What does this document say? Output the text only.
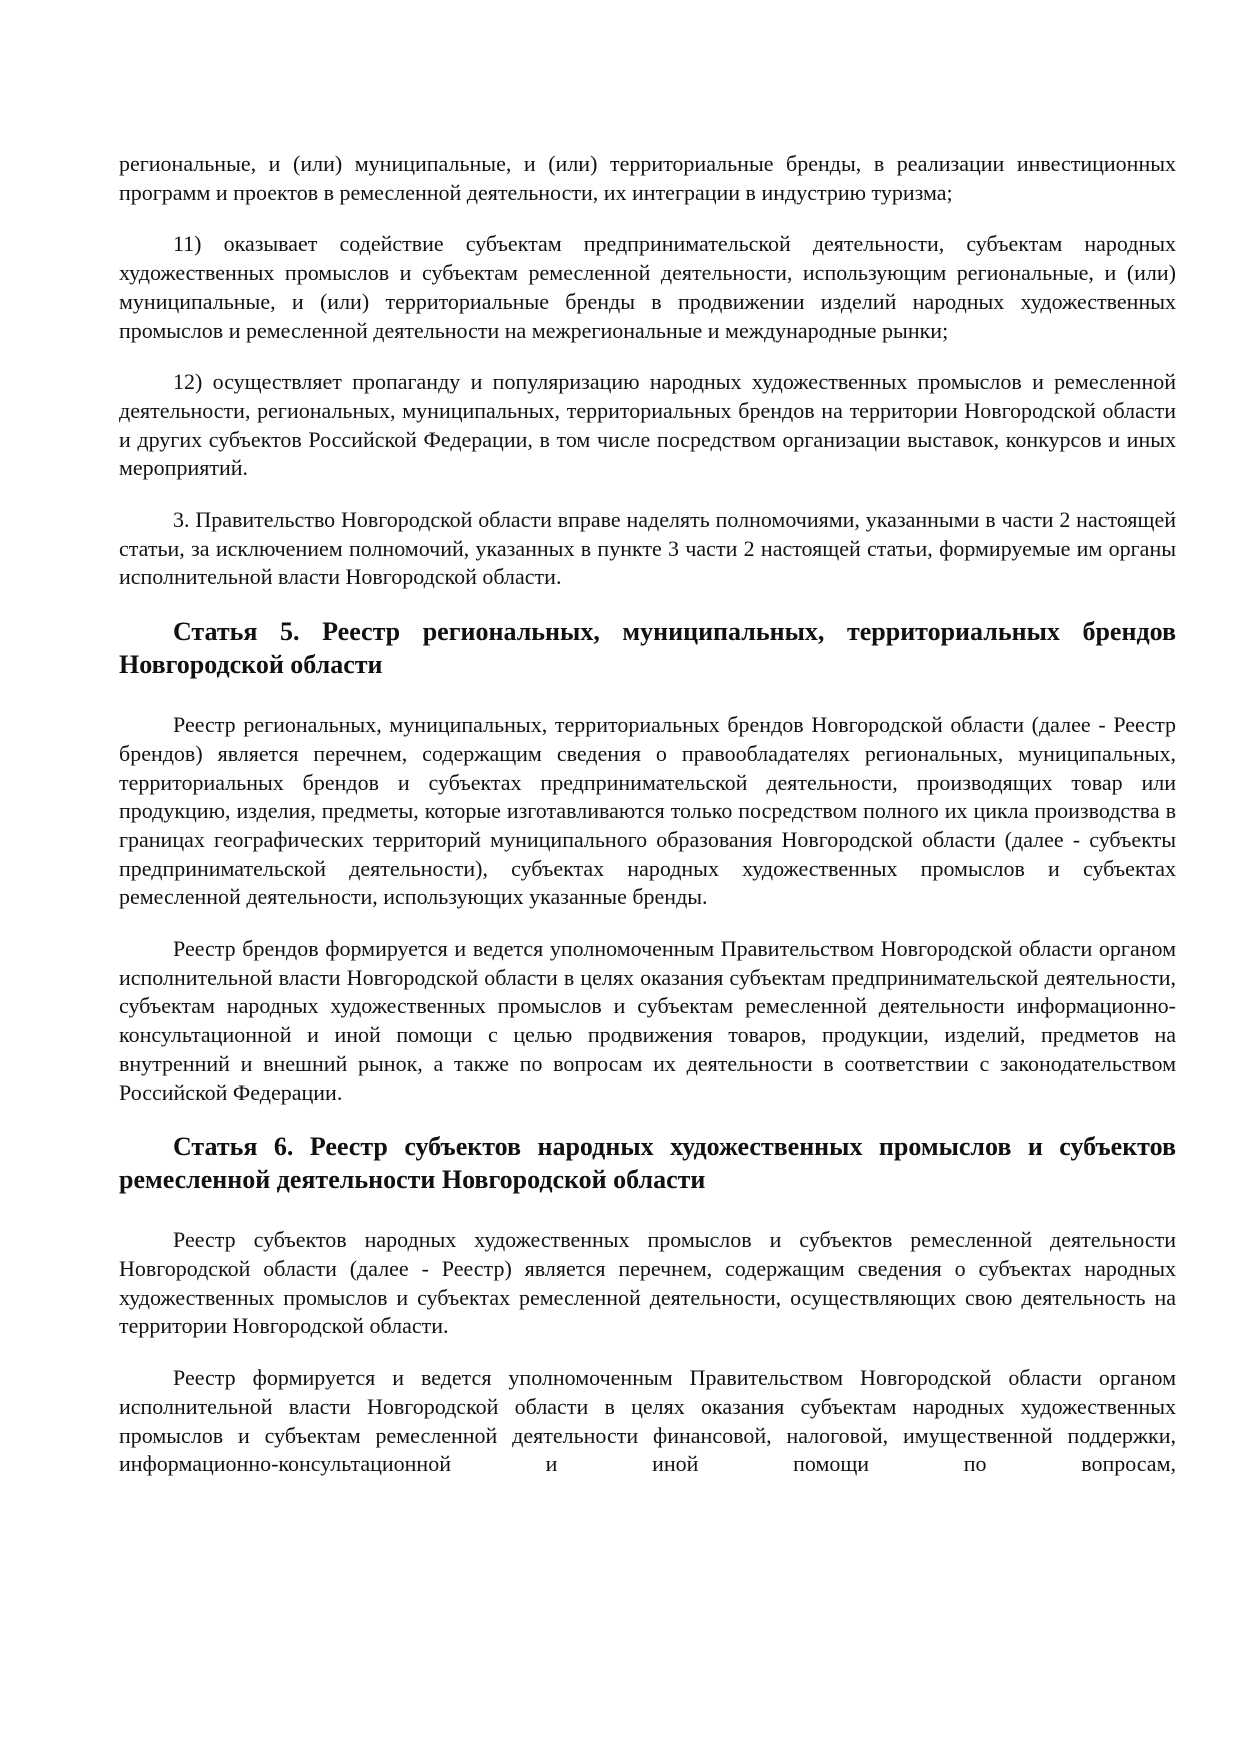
региональные, и (или) муниципальные, и (или) территориальные бренды, в реализации инвестиционных программ и проектов в ремесленной деятельности, их интеграции в индустрию туризма;

11) оказывает содействие субъектам предпринимательской деятельности, субъектам народных художественных промыслов и субъектам ремесленной деятельности, использующим региональные, и (или) муниципальные, и (или) территориальные бренды в продвижении изделий народных художественных промыслов и ремесленной деятельности на межрегиональные и международные рынки;

12) осуществляет пропаганду и популяризацию народных художественных промыслов и ремесленной деятельности, региональных, муниципальных, территориальных брендов на территории Новгородской области и других субъектов Российской Федерации, в том числе посредством организации выставок, конкурсов и иных мероприятий.

3. Правительство Новгородской области вправе наделять полномочиями, указанными в части 2 настоящей статьи, за исключением полномочий, указанных в пункте 3 части 2 настоящей статьи, формируемые им органы исполнительной власти Новгородской области.

Статья 5. Реестр региональных, муниципальных, территориальных брендов Новгородской области

Реестр региональных, муниципальных, территориальных брендов Новгородской области (далее - Реестр брендов) является перечнем, содержащим сведения о правообладателях региональных, муниципальных, территориальных брендов и субъектах предпринимательской деятельности, производящих товар или продукцию, изделия, предметы, которые изготавливаются только посредством полного их цикла производства в границах географических территорий муниципального образования Новгородской области (далее - субъекты предпринимательской деятельности), субъектах народных художественных промыслов и субъектах ремесленной деятельности, использующих указанные бренды.

Реестр брендов формируется и ведется уполномоченным Правительством Новгородской области органом исполнительной власти Новгородской области в целях оказания субъектам предпринимательской деятельности, субъектам народных художественных промыслов и субъектам ремесленной деятельности информационно-консультационной и иной помощи с целью продвижения товаров, продукции, изделий, предметов на внутренний и внешний рынок, а также по вопросам их деятельности в соответствии с законодательством Российской Федерации.

Статья 6. Реестр субъектов народных художественных промыслов и субъектов ремесленной деятельности Новгородской области

Реестр субъектов народных художественных промыслов и субъектов ремесленной деятельности Новгородской области (далее - Реестр) является перечнем, содержащим сведения о субъектах народных художественных промыслов и субъектах ремесленной деятельности, осуществляющих свою деятельность на территории Новгородской области.

Реестр формируется и ведется уполномоченным Правительством Новгородской области органом исполнительной власти Новгородской области в целях оказания субъектам народных художественных промыслов и субъектам ремесленной деятельности финансовой, налоговой, имущественной поддержки, информационно-консультационной и иной помощи по вопросам,
